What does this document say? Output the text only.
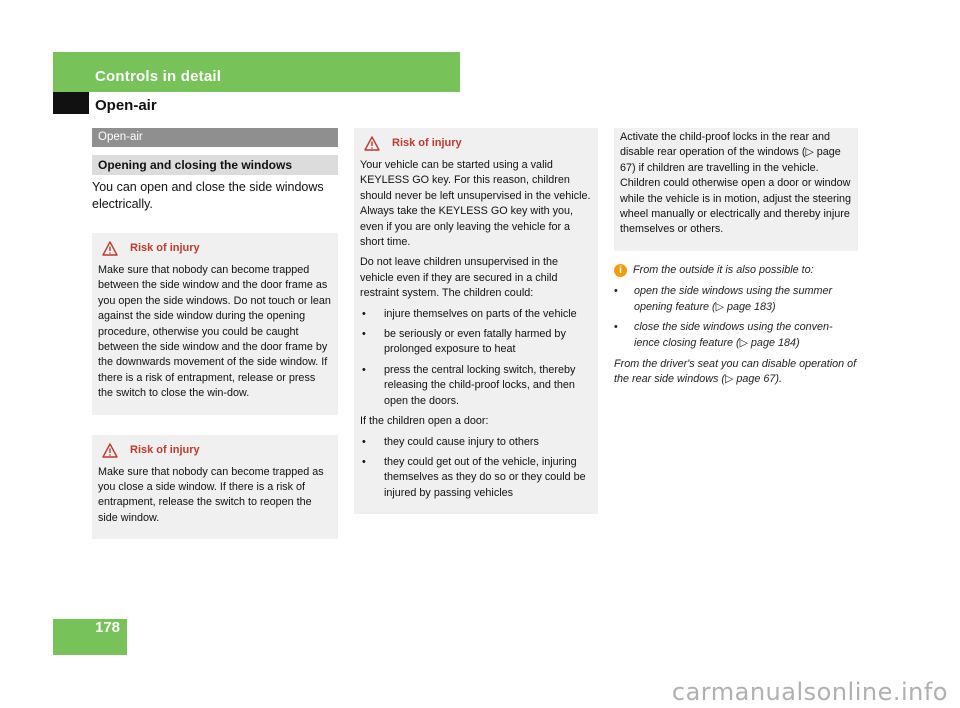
Controls in detail
Open-air
178
Open-air
Opening and closing the windows
You can open and close the side windows electrically.
Risk of injury

Make sure that nobody can become trapped between the side window and the door frame as you open the side windows. Do not touch or lean against the side window during the opening procedure, otherwise you could be caught between the side window and the door frame by the downwards movement of the side window. If there is a risk of entrapment, release or press the switch to close the win-dow.

Risk of injury

Make sure that nobody can become trapped as you close a side window. If there is a risk of entrapment, release the switch to reopen the side window.

Risk of injury

Your vehicle can be started using a valid KEYLESS GO key. For this reason, children should never be left unsupervised in the vehicle. Always take the KEYLESS GO key with you, even if you are only leaving the vehicle for a short time.

Do not leave children unsupervised in the vehicle even if they are secured in a child restraint system. The children could:

• injure themselves on parts of the vehicle
• be seriously or even fatally harmed by prolonged exposure to heat
• press the central locking switch, thereby releasing the child-proof locks, and then open the doors.

If the children open a door:

• they could cause injury to others
• they could get out of the vehicle, injuring themselves as they do so or they could be injured by passing vehicles

Activate the child-proof locks in the rear and disable rear operation of the windows (▷ page 67) if children are travelling in the vehicle. Children could otherwise open a door or window while the vehicle is in motion, adjust the steering wheel manually or electrically and thereby injure themselves or others.

i	From the outside it is also possible to:
• open the side windows using the summer opening feature (▷ page 183)
• close the side windows using the conven-ience closing feature (▷ page 184)

From the driver's seat you can disable operation of the rear side windows (▷ page 67).

carmanualsonline.info
